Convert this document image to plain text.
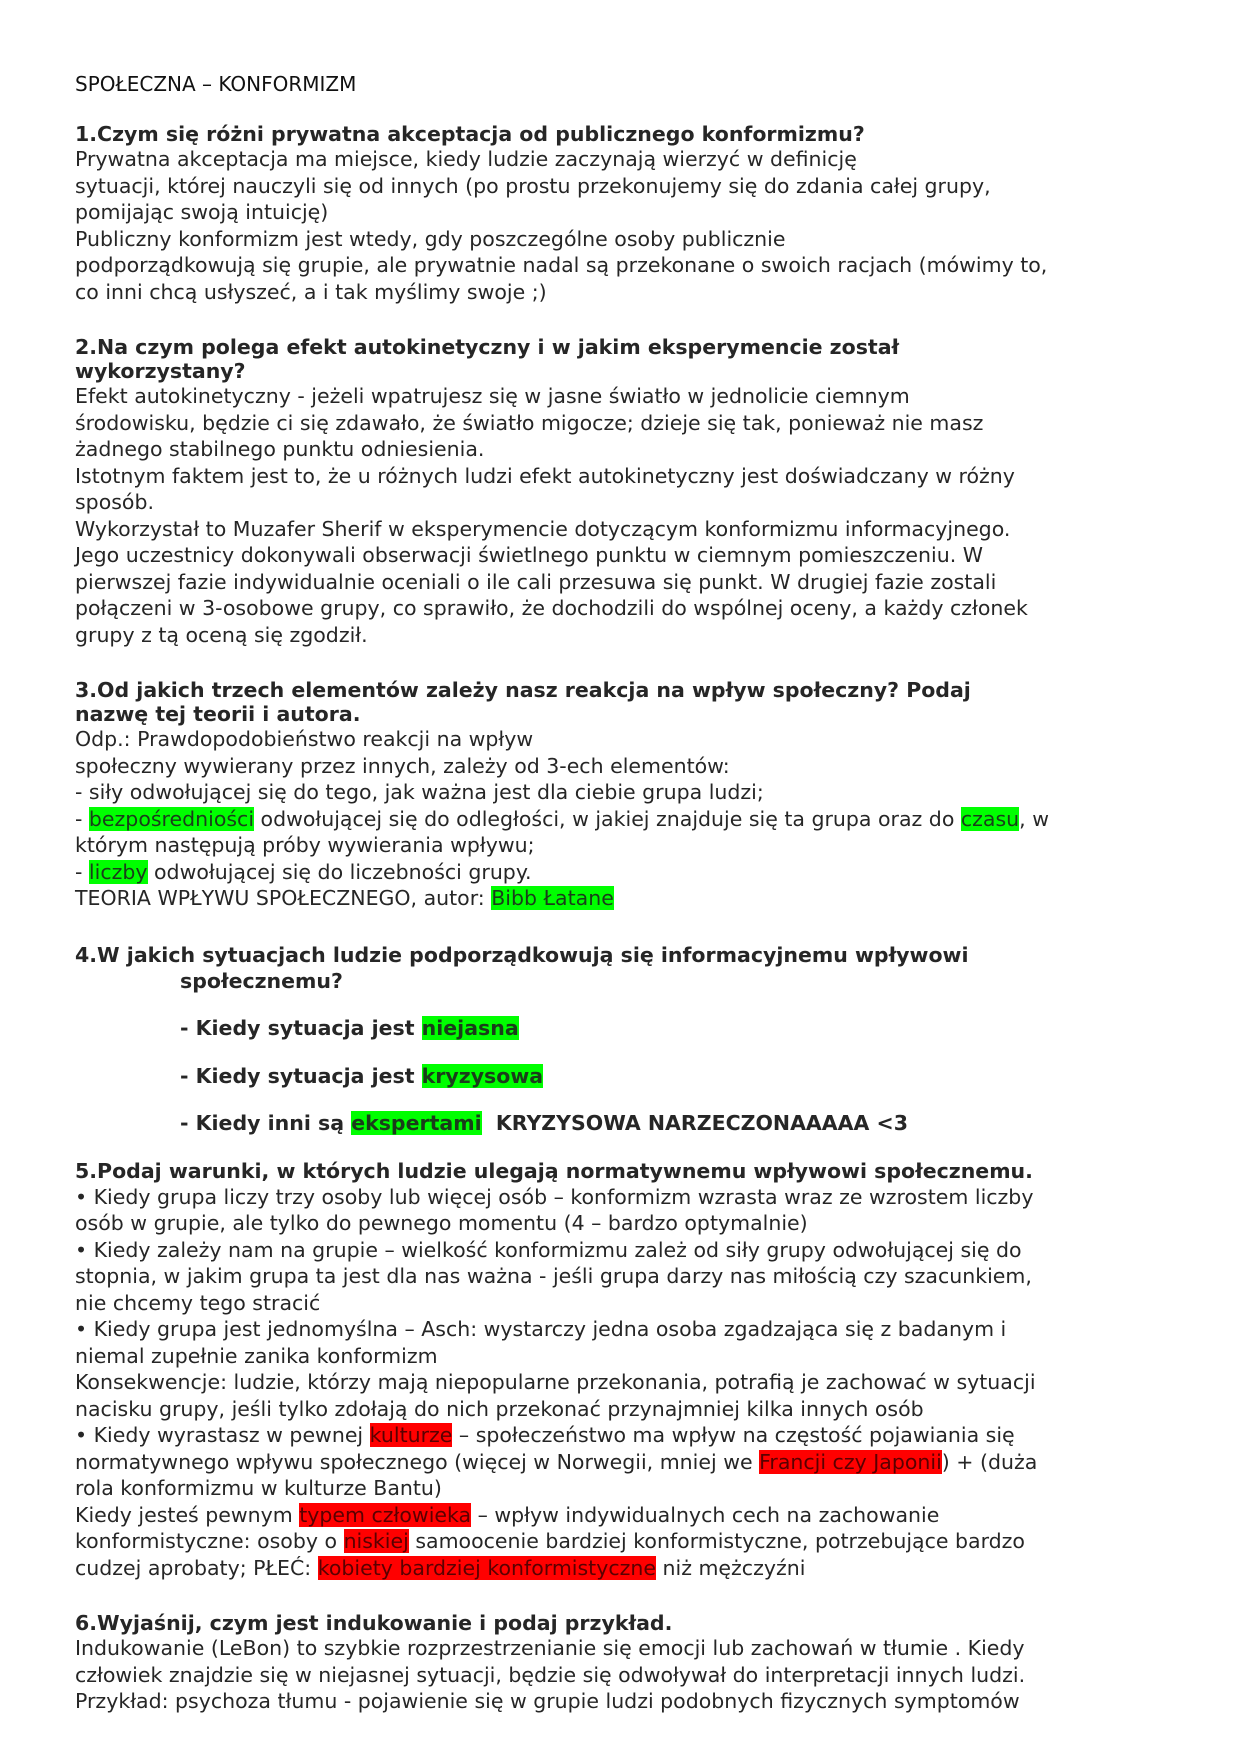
SPOŁECZNA – KONFORMIZM

1.Czym się różni prywatna akceptacja od publicznego konformizmu?

Prywatna akceptacja ma miejsce, kiedy ludzie zaczynają wierzyć w definicję

sytuacji, której nauczyli się od innych (po prostu przekonujemy się do zdania całej grupy,

pomijając swoją intuicję)

Publiczny konformizm jest wtedy, gdy poszczególne osoby publicznie

podporządkowują się grupie, ale prywatnie nadal są przekonane o swoich racjach (mówimy to,

co inni chcą usłyszeć, a i tak myślimy swoje ;)

2.Na czym polega efekt autokinetyczny i w jakim eksperymencie został

wykorzystany?

Efekt autokinetyczny - jeżeli wpatrujesz się w jasne światło w jednolicie ciemnym

środowisku, będzie ci się zdawało, że światło migocze; dzieje się tak, ponieważ nie masz

żadnego stabilnego punktu odniesienia.

Istotnym faktem jest to, że u różnych ludzi efekt autokinetyczny jest doświadczany w różny

sposób.

Wykorzystał to Muzafer Sherif w eksperymencie dotyczącym konformizmu informacyjnego.

Jego uczestnicy dokonywali obserwacji świetlnego punktu w ciemnym pomieszczeniu. W

pierwszej fazie indywidualnie oceniali o ile cali przesuwa się punkt. W drugiej fazie zostali

połączeni w 3-osobowe grupy, co sprawiło, że dochodzili do wspólnej oceny, a każdy członek

grupy z tą oceną się zgodził.

3.Od jakich trzech elementów zależy nasz reakcja na wpływ społeczny? Podaj

nazwę tej teorii i autora.

Odp.: Prawdopodobieństwo reakcji na wpływ

społeczny wywierany przez innych, zależy od 3-ech elementów:

- siły odwołującej się do tego, jak ważna jest dla ciebie grupa ludzi;

- bezpośredniości odwołującej się do odległości, w jakiej znajduje się ta grupa oraz do czasu, w

którym następują próby wywierania wpływu;

- liczby odwołującej się do liczebności grupy.

TEORIA WPŁYWU SPOŁECZNEGO, autor: Bibb Łatane

4.W jakich sytuacjach ludzie podporządkowują się informacyjnemu wpływowi

społecznemu?

- Kiedy sytuacja jest niejasna

- Kiedy sytuacja jest kryzysowa

- Kiedy inni są ekspertami  KRYZYSOWA NARZECZONAAAAA <3

5.Podaj warunki, w których ludzie ulegają normatywnemu wpływowi społecznemu.

• Kiedy grupa liczy trzy osoby lub więcej osób – konformizm wzrasta wraz ze wzrostem liczby

osób w grupie, ale tylko do pewnego momentu (4 – bardzo optymalnie)

• Kiedy zależy nam na grupie – wielkość konformizmu zależ od siły grupy odwołującej się do

stopnia, w jakim grupa ta jest dla nas ważna - jeśli grupa darzy nas miłością czy szacunkiem,

nie chcemy tego stracić

• Kiedy grupa jest jednomyślna – Asch: wystarczy jedna osoba zgadzająca się z badanym i

niemal zupełnie zanika konformizm

Konsekwencje: ludzie, którzy mają niepopularne przekonania, potrafią je zachować w sytuacji

nacisku grupy, jeśli tylko zdołają do nich przekonać przynajmniej kilka innych osób

• Kiedy wyrastasz w pewnej kulturze – społeczeństwo ma wpływ na częstość pojawiania się

normatywnego wpływu społecznego (więcej w Norwegii, mniej we Francji czy Japonii) + (duża

rola konformizmu w kulturze Bantu)

Kiedy jesteś pewnym typem człowieka – wpływ indywidualnych cech na zachowanie

konformistyczne: osoby o niskiej samoocenie bardziej konformistyczne, potrzebujące bardzo

cudzej aprobaty; PŁEĆ: kobiety bardziej konformistyczne niż mężczyźni

6.Wyjaśnij, czym jest indukowanie i podaj przykład.

Indukowanie (LeBon) to szybkie rozprzestrzenianie się emocji lub zachowań w tłumie . Kiedy

człowiek znajdzie się w niejasnej sytuacji, będzie się odwoływał do interpretacji innych ludzi.

Przykład: psychoza tłumu - pojawienie się w grupie ludzi podobnych fizycznych symptomów
